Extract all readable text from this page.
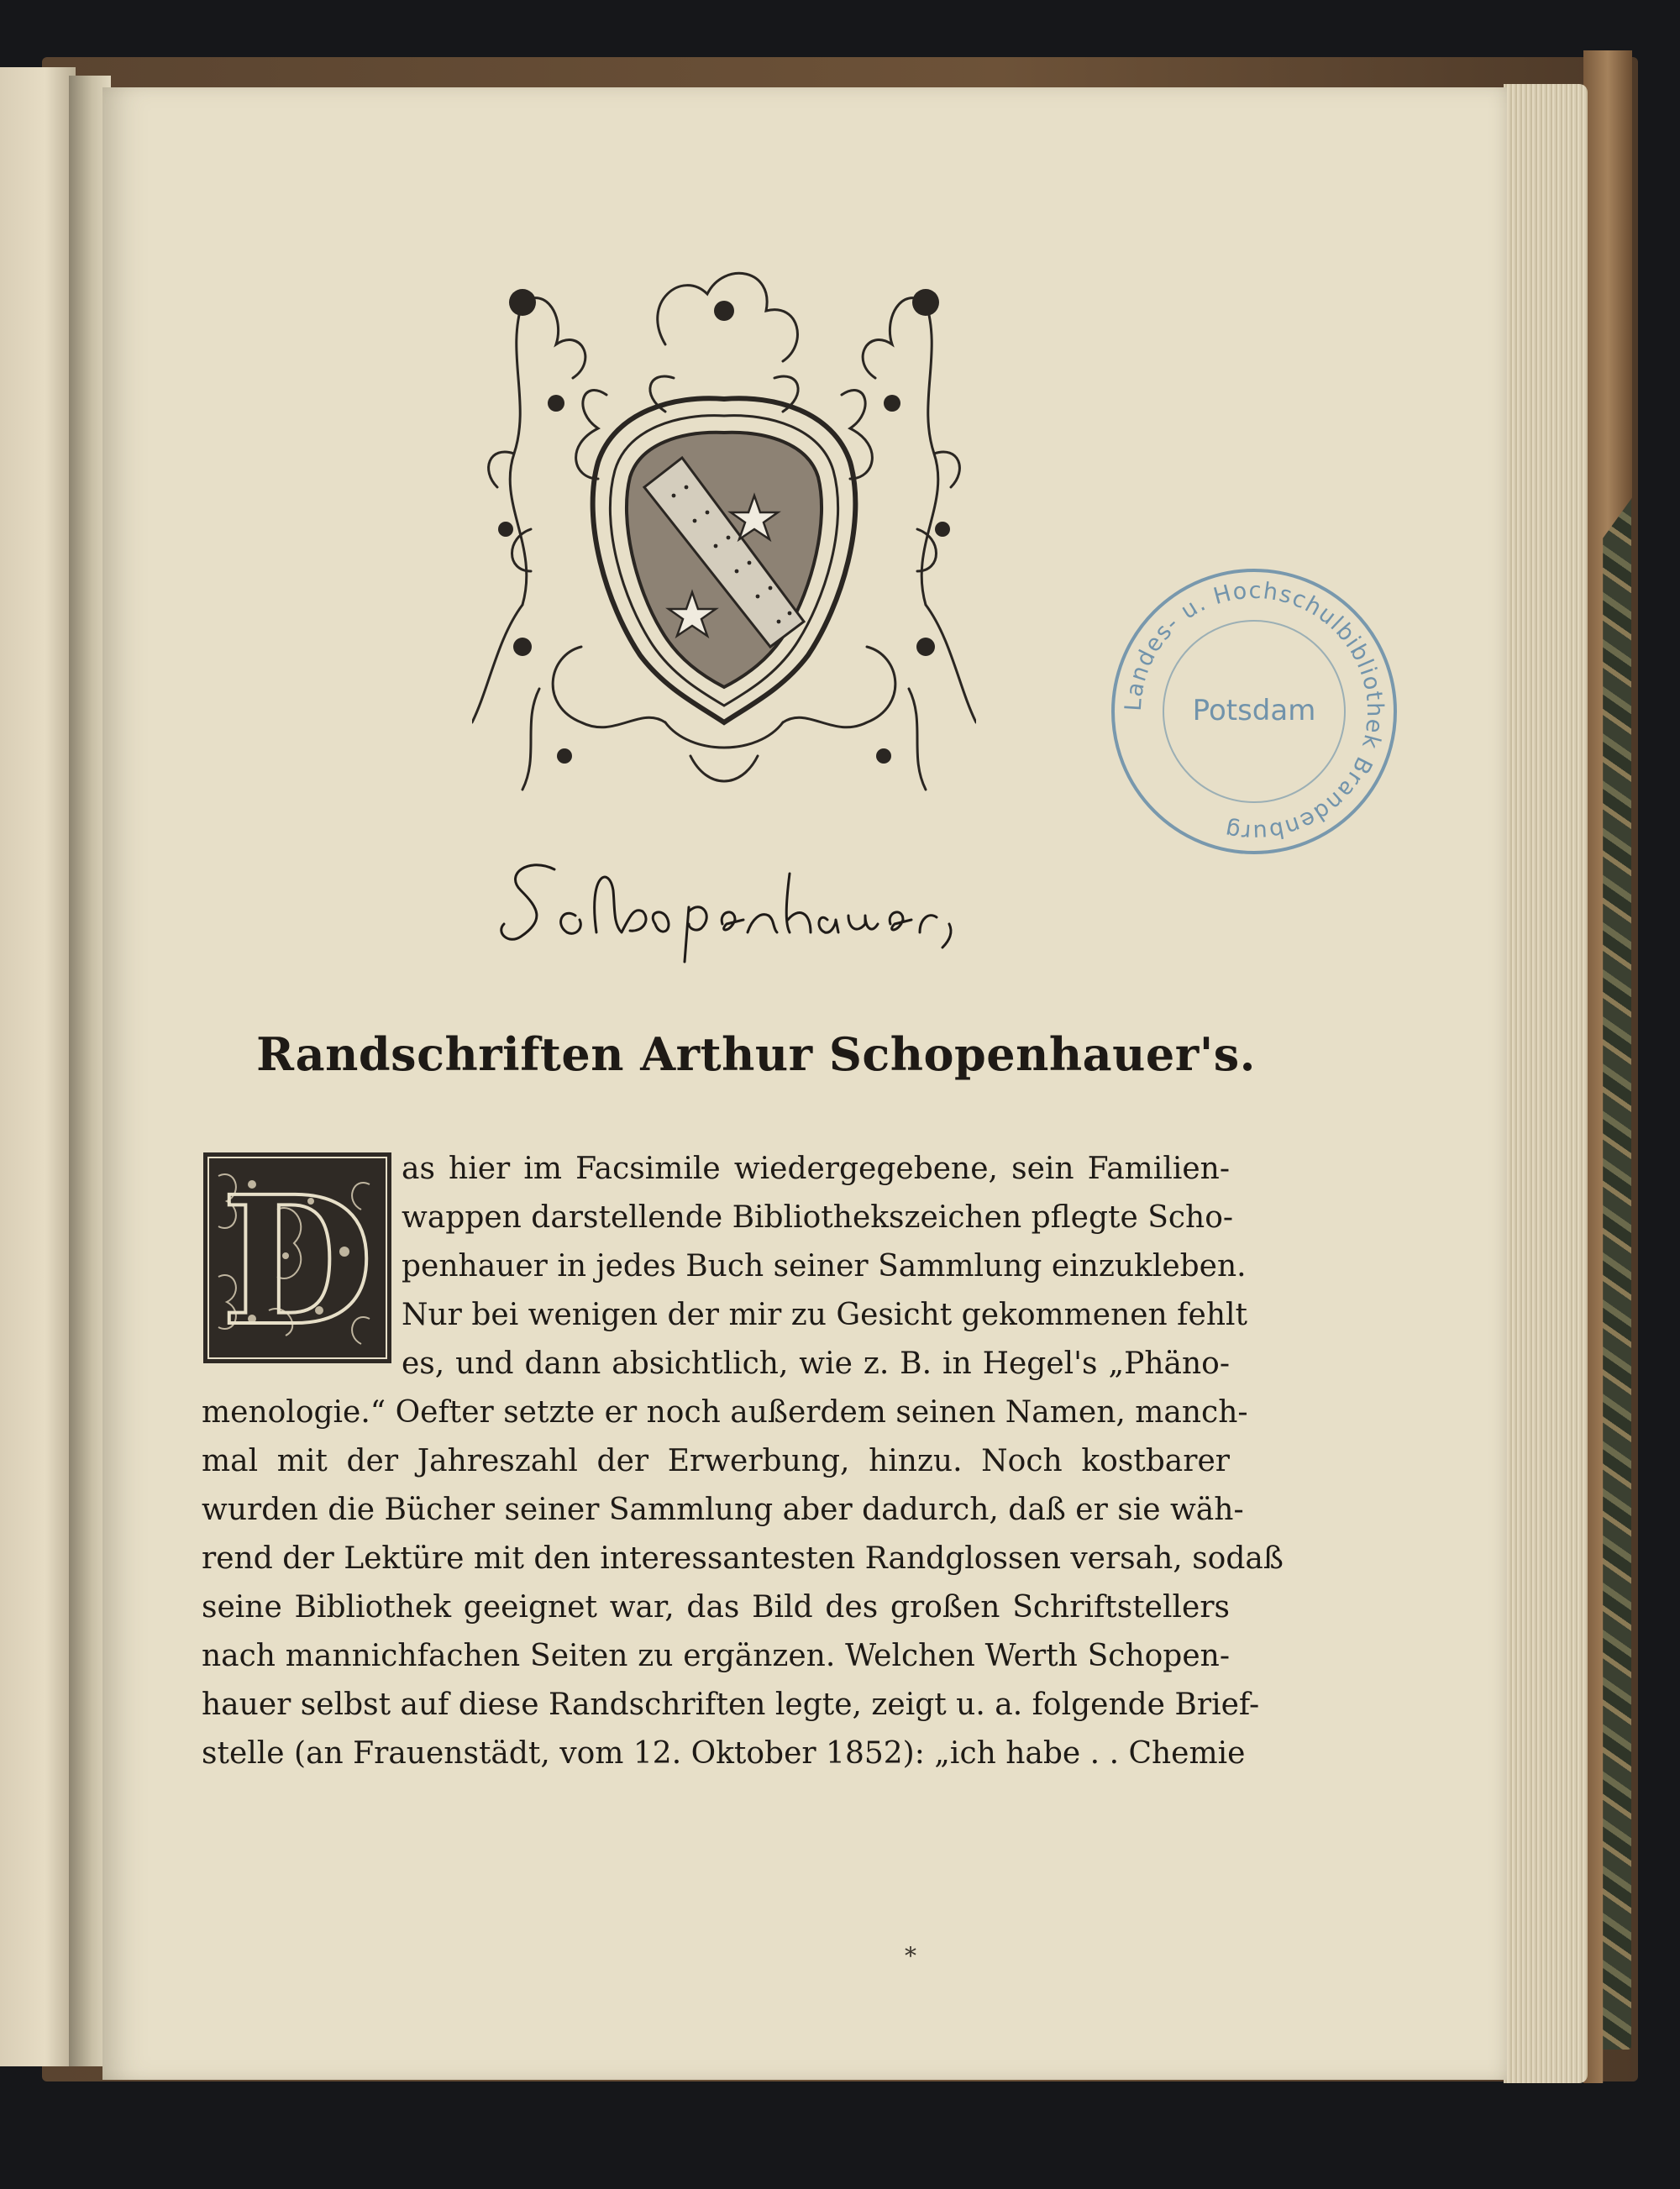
Landes- u. Hochschulbibliothek Brandenburg
Potsdam
Randschriften Arthur Schopenhauer's.
D as hier im Facsimile wiedergegebene, sein Familien-
wappen darstellende Bibliothekszeichen pflegte Scho-
penhauer in jedes Buch seiner Sammlung einzukleben.
Nur bei wenigen der mir zu Gesicht gekommenen fehlt
es, und dann absichtlich, wie z. B. in Hegel's „Phäno-
menologie.“ Oefter setzte er noch außerdem seinen Namen, manch-
mal mit der Jahreszahl der Erwerbung, hinzu. Noch kostbarer
wurden die Bücher seiner Sammlung aber dadurch, daß er sie wäh-
rend der Lektüre mit den interessantesten Randglossen versah, sodaß
seine Bibliothek geeignet war, das Bild des großen Schriftstellers
nach mannichfachen Seiten zu ergänzen. Welchen Werth Schopen-
hauer selbst auf diese Randschriften legte, zeigt u. a. folgende Brief-
stelle (an Frauenstädt, vom 12. Oktober 1852): „ich habe . . Chemie
*
